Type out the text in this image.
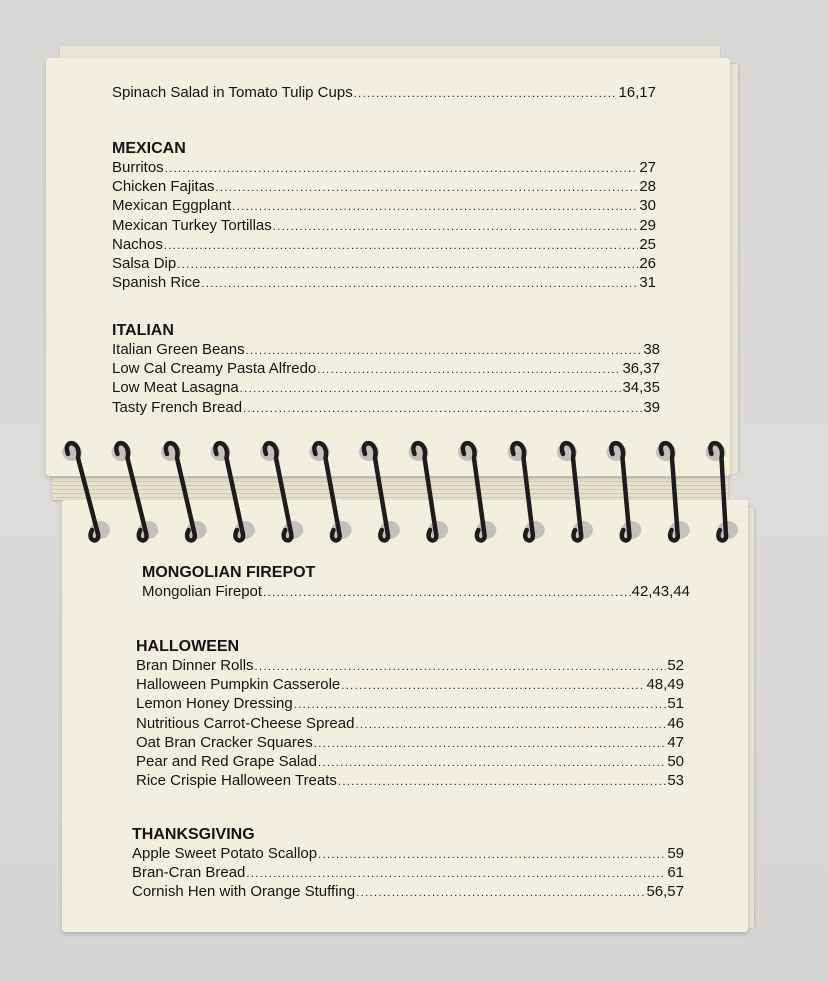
Spinach Salad in Tomato Tulip Cups .....	16,17
MEXICAN
Burritos .....	27
Chicken Fajitas .....	28
Mexican Eggplant .....	30
Mexican Turkey Tortillas .....	29
Nachos .....	25
Salsa Dip .....	26
Spanish Rice .....	31
ITALIAN
Italian Green Beans .....	38
Low Cal Creamy Pasta Alfredo .....	36,37
Low Meat Lasagna .....	34,35
Tasty French Bread .....	39
MONGOLIAN FIREPOT
Mongolian Firepot .....	42,43,44
HALLOWEEN
Bran Dinner Rolls .....	52
Halloween Pumpkin Casserole .....	48,49
Lemon Honey Dressing .....	51
Nutritious Carrot-Cheese Spread .....	46
Oat Bran Cracker Squares .....	47
Pear and Red Grape Salad .....	50
Rice Crispie Halloween Treats .....	53
THANKSGIVING
Apple Sweet Potato Scallop .....	59
Bran-Cran Bread .....	61
Cornish Hen with Orange Stuffing .....	56,57
